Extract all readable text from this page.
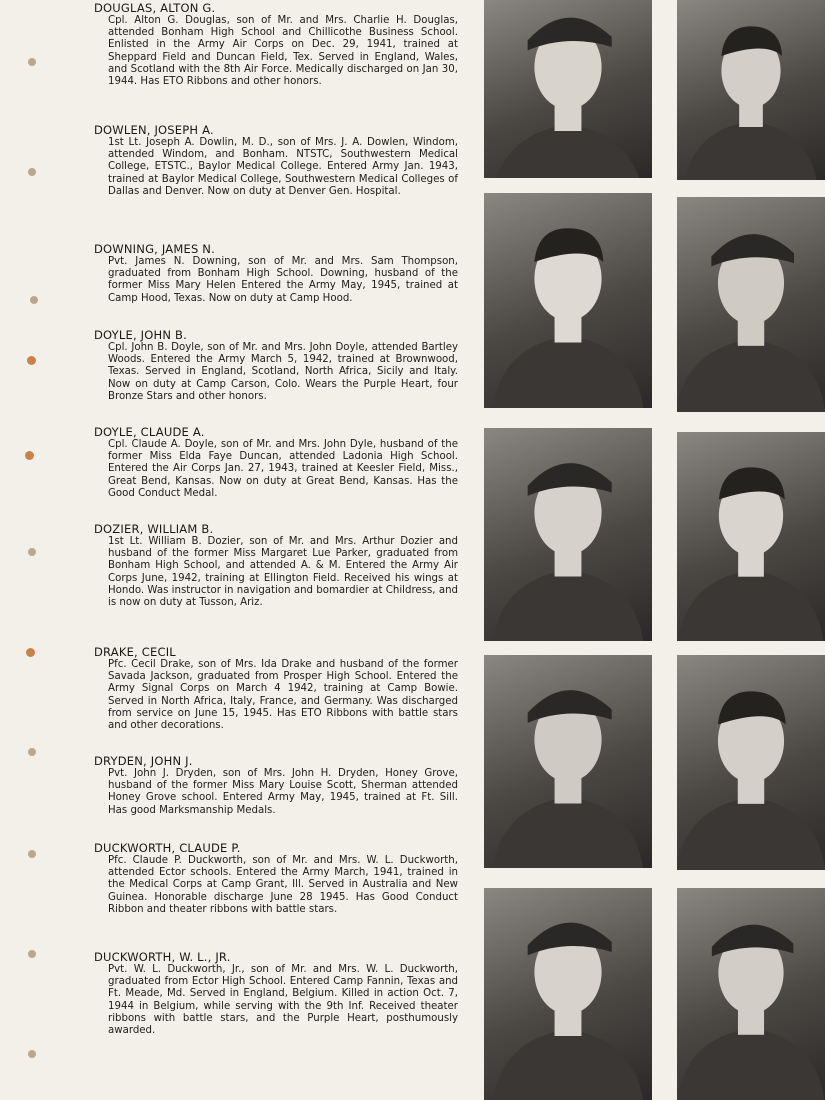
DOUGLAS, ALTON G.

Cpl. Alton G. Douglas, son of Mr. and Mrs. Charlie H. Douglas, attended Bonham High School and Chillicothe Business School. Enlisted in the Army Air Corps on Dec. 29, 1941, trained at Sheppard Field and Duncan Field, Tex. Served in England, Wales, and Scotland with the 8th Air Force. Medically discharged on Jan 30, 1944. Has ETO Ribbons and other honors.

DOWLEN, JOSEPH A.

1st Lt. Joseph A. Dowlin, M. D., son of Mrs. J. A. Dowlen, Windom, attended Windom, and Bonham. NTSTC, Southwestern Medical College, ETSTC., Baylor Medical College. Entered Army Jan. 1943, trained at Baylor Medical College, Southwestern Medical Colleges of Dallas and Denver. Now on duty at Denver Gen. Hospital.

DOWNING, JAMES N.

Pvt. James N. Downing, son of Mr. and Mrs. Sam Thompson, graduated from Bonham High School. Downing, husband of the former Miss Mary Helen Entered the Army May, 1945, trained at Camp Hood, Texas. Now on duty at Camp Hood.

DOYLE, JOHN B.

Cpl. John B. Doyle, son of Mr. and Mrs. John Doyle, attended Bartley Woods. Entered the Army March 5, 1942, trained at Brownwood, Texas. Served in England, Scotland, North Africa, Sicily and Italy. Now on duty at Camp Carson, Colo. Wears the Purple Heart, four Bronze Stars and other honors.

DOYLE, CLAUDE A.

Cpl. Claude A. Doyle, son of Mr. and Mrs. John Dyle, husband of the former Miss Elda Faye Duncan, attended Ladonia High School. Entered the Air Corps Jan. 27, 1943, trained at Keesler Field, Miss., Great Bend, Kansas. Now on duty at Great Bend, Kansas. Has the Good Conduct Medal.

DOZIER, WILLIAM B.

1st Lt. William B. Dozier, son of Mr. and Mrs. Arthur Dozier and husband of the former Miss Margaret Lue Parker, graduated from Bonham High School, and attended A. & M. Entered the Army Air Corps June, 1942, training at Ellington Field. Received his wings at Hondo. Was instructor in navigation and bomardier at Childress, and is now on duty at Tusson, Ariz.

DRAKE, CECIL

Pfc. Cecil Drake, son of Mrs. Ida Drake and husband of the former Savada Jackson, graduated from Prosper High School. Entered the Army Signal Corps on March 4 1942, training at Camp Bowie. Served in North Africa, Italy, France, and Germany. Was discharged from service on June 15, 1945. Has ETO Ribbons with battle stars and other decorations.

DRYDEN, JOHN J.

Pvt. John J. Dryden, son of Mrs. John H. Dryden, Honey Grove, husband of the former Miss Mary Louise Scott, Sherman attended Honey Grove school. Entered Army May, 1945, trained at Ft. Sill. Has good Marksmanship Medals.

DUCKWORTH, CLAUDE P.

Pfc. Claude P. Duckworth, son of Mr. and Mrs. W. L. Duckworth, attended Ector schools. Entered the Army March, 1941, trained in the Medical Corps at Camp Grant, Ill. Served in Australia and New Guinea. Honorable discharge June 28 1945. Has Good Conduct Ribbon and theater ribbons with battle stars.

DUCKWORTH, W. L., JR.

Pvt. W. L. Duckworth, Jr., son of Mr. and Mrs. W. L. Duckworth, graduated from Ector High School. Entered Camp Fannin, Texas and Ft. Meade, Md. Served in England, Belgium. Killed in action Oct. 7, 1944 in Belgium, while serving with the 9th Inf. Received theater ribbons with battle stars, and the Purple Heart, posthumously awarded.
